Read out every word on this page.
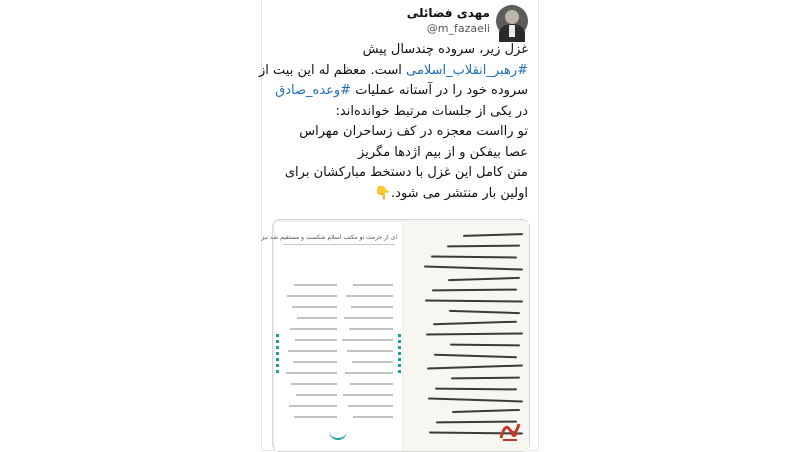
مهدی فضائلی
@m_fazaeli
غزل زیر، سروده چندسال پیش
#رهبر_انقلاب_اسلامی است. معظم له این بیت از
سروده خود را در آستانه عملیات #وعده_صادق
در یکی از جلسات مرتبط خوانده‌اند:
تو رااست معجزه در کف زساحران مهراس
عصا بیفکن و از بیم اژدها مگریز
متن کامل این غزل با دستخط مبارکشان برای
اولین بار منتشر می شود.👇
ای از حرمت تو مکتب اسلام شکست و مستقیم شد نیز
